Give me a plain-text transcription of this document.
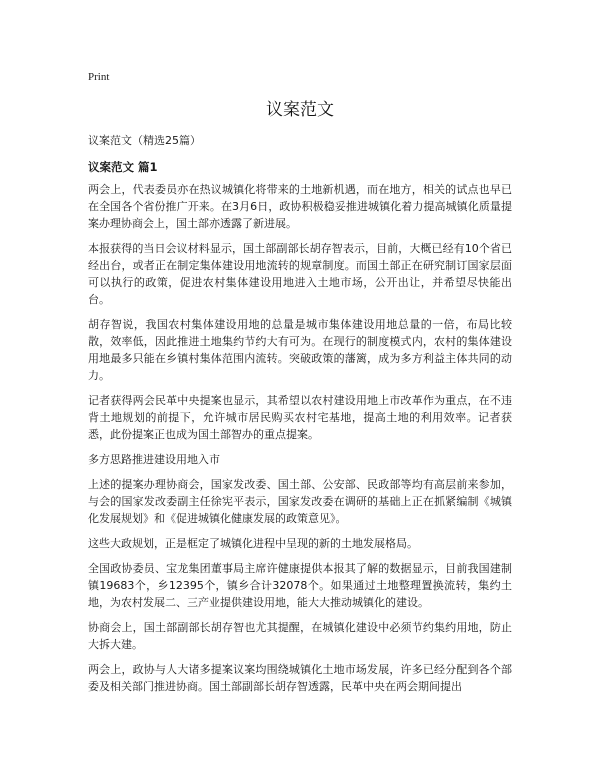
Print
议案范文

议案范文（精选25篇）

议案范文 篇1

两会上，代表委员亦在热议城镇化将带来的土地新机遇，而在地方，相关的试点也早已在全国各个省份推广开来。在3月6日，政协积极稳妥推进城镇化着力提高城镇化质量提案办理协商会上，国土部亦透露了新进展。

本报获得的当日会议材料显示，国土部副部长胡存智表示，目前，大概已经有10个省已经出台，或者正在制定集体建设用地流转的规章制度。而国土部正在研究制订国家层面可以执行的政策，促进农村集体建设用地进入土地市场，公开出让，并希望尽快能出台。

胡存智说，我国农村集体建设用地的总量是城市集体建设用地总量的一倍，布局比较散，效率低，因此推进土地集约节约大有可为。在现行的制度模式内，农村的集体建设用地最多只能在乡镇村集体范围内流转。突破政策的藩篱，成为多方利益主体共同的动力。

记者获得两会民革中央提案也显示，其希望以农村建设用地上市改革作为重点，在不违背土地规划的前提下，允许城市居民购买农村宅基地，提高土地的利用效率。记者获悉，此份提案正也成为国土部智办的重点提案。

多方思路推进建设用地入市

上述的提案办理协商会，国家发改委、国土部、公安部、民政部等均有高层前来参加，与会的国家发改委副主任徐宪平表示，国家发改委在调研的基础上正在抓紧编制《城镇化发展规划》和《促进城镇化健康发展的政策意见》。

这些大政规划，正是框定了城镇化进程中呈现的新的土地发展格局。

全国政协委员、宝龙集团董事局主席许健康提供本报其了解的数据显示，目前我国建制镇19683个，乡12395个，镇乡合计32078个。如果通过土地整理置换流转，集约土地，为农村发展二、三产业提供建设用地，能大大推动城镇化的建设。

协商会上，国土部副部长胡存智也尤其提醒，在城镇化建设中必须节约集约用地，防止大拆大建。

两会上，政协与人大诸多提案议案均围绕城镇化土地市场发展，许多已经分配到各个部委及相关部门推进协商。国土部副部长胡存智透露，民革中央在两会期间提出
